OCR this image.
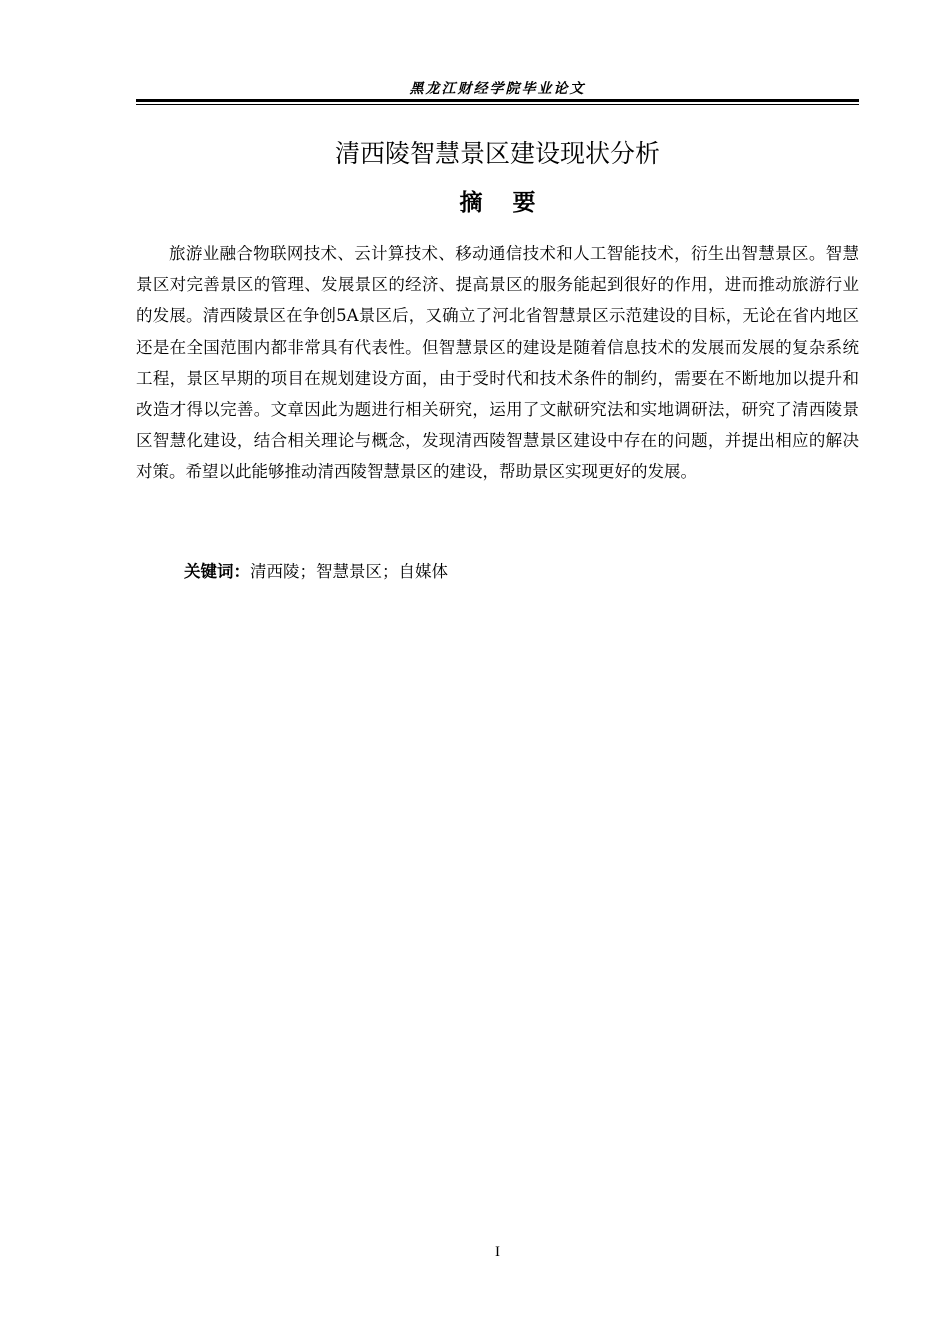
黑龙江财经学院毕业论文
清西陵智慧景区建设现状分析
摘要
旅游业融合物联网技术、云计算技术、移动通信技术和人工智能技术，衍生出智慧景区。智慧景区对完善景区的管理、发展景区的经济、提高景区的服务能起到很好的作用，进而推动旅游行业的发展。清西陵景区在争创5A景区后，又确立了河北省智慧景区示范建设的目标，无论在省内地区还是在全国范围内都非常具有代表性。但智慧景区的建设是随着信息技术的发展而发展的复杂系统工程，景区早期的项目在规划建设方面，由于受时代和技术条件的制约，需要在不断地加以提升和改造才得以完善。文章因此为题进行相关研究，运用了文献研究法和实地调研法，研究了清西陵景区智慧化建设，结合相关理论与概念，发现清西陵智慧景区建设中存在的问题，并提出相应的解决对策。希望以此能够推动清西陵智慧景区的建设，帮助景区实现更好的发展。
关键词：清西陵；智慧景区；自媒体
I
